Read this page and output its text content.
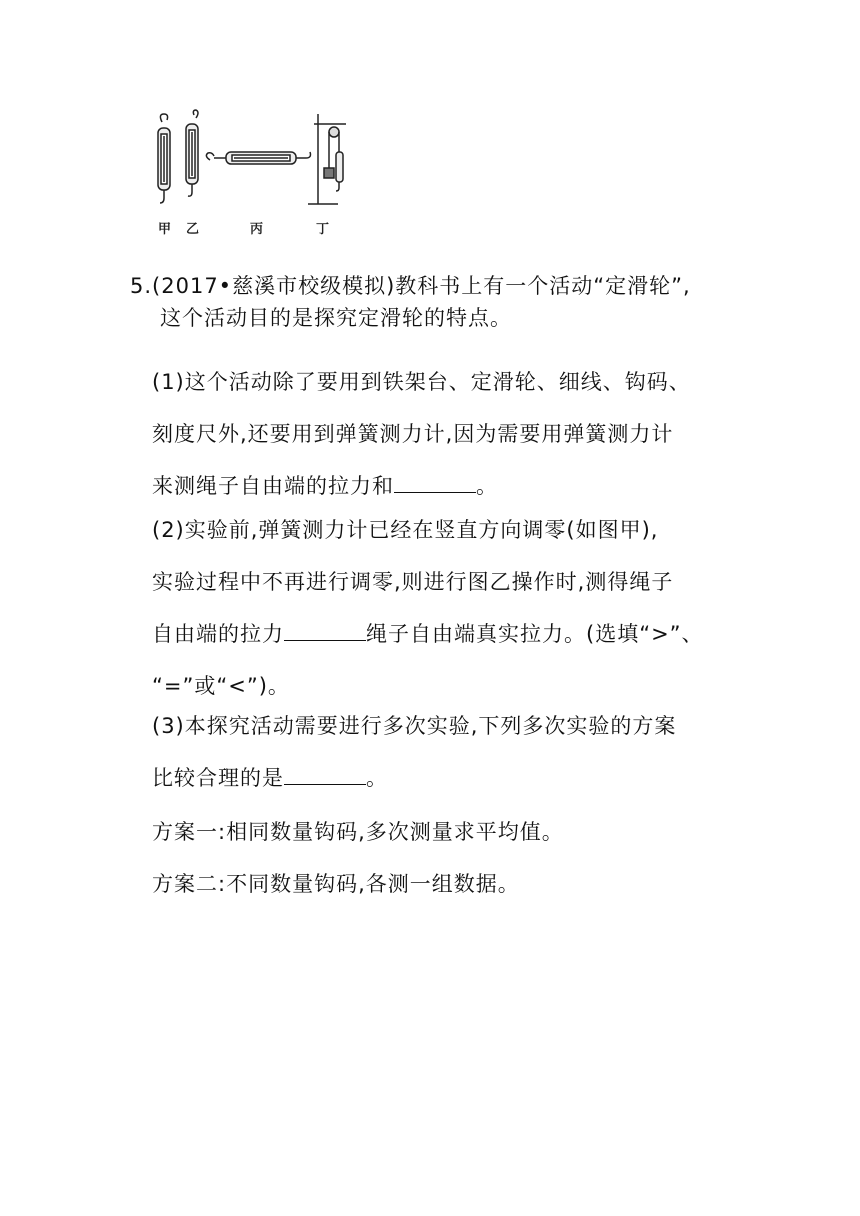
甲 乙	丙	丁
5.(2017•慈溪市校级模拟)教科书上有一个活动“定滑轮”,
这个活动目的是探究定滑轮的特点。
(1)这个活动除了要用到铁架台、定滑轮、细线、钩码、
刻度尺外,还要用到弹簧测力计,因为需要用弹簧测力计
来测绳子自由端的拉力和	。
(2)实验前,弹簧测力计已经在竖直方向调零(如图甲),
实验过程中不再进行调零,则进行图乙操作时,测得绳子
自由端的拉力	绳子自由端真实拉力。(选填“>”、
“=”或“<”)。
(3)本探究活动需要进行多次实验,下列多次实验的方案
比较合理的是	。
方案一:相同数量钩码,多次测量求平均值。
方案二:不同数量钩码,各测一组数据。
